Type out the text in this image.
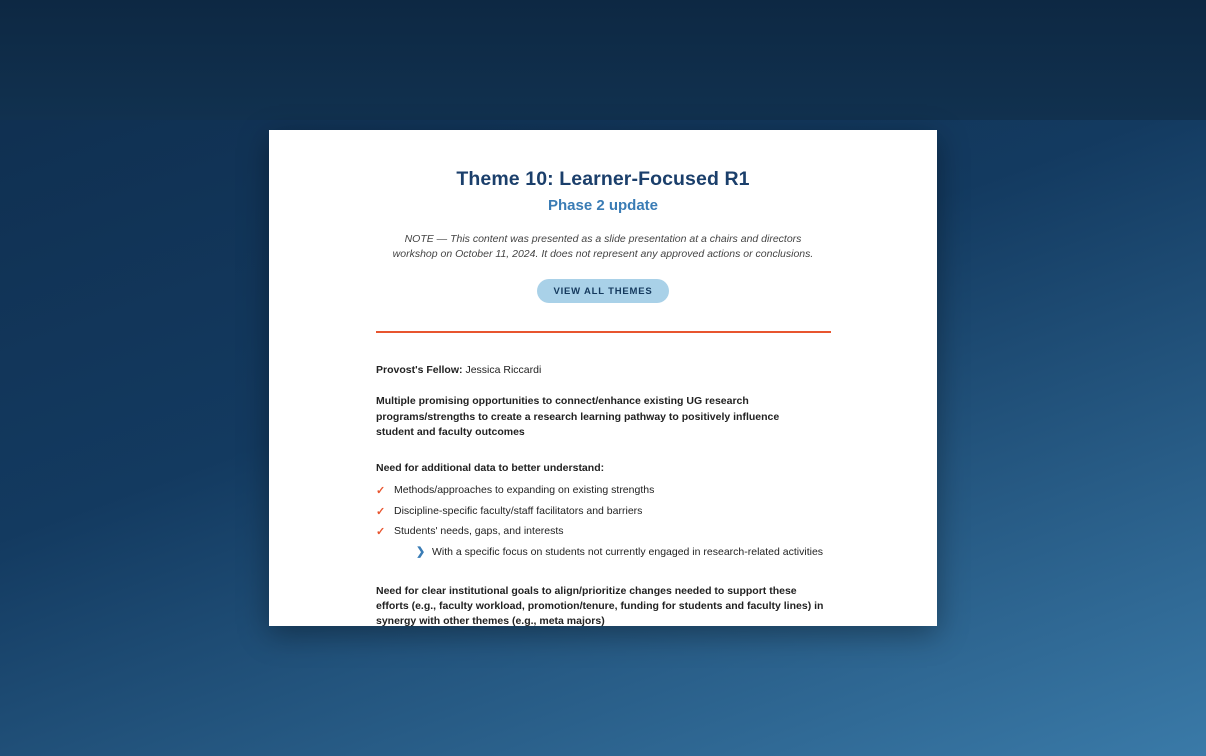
Theme 10: Learner-Focused R1
Phase 2 update

NOTE — This content was presented as a slide presentation at a chairs and directors workshop on October 11, 2024. It does not represent any approved actions or conclusions.

VIEW ALL THEMES

Provost's Fellow: Jessica Riccardi

Multiple promising opportunities to connect/enhance existing UG research programs/strengths to create a research learning pathway to positively influence student and faculty outcomes

Need for additional data to better understand:

✓ Methods/approaches to expanding on existing strengths
✓ Discipline-specific faculty/staff facilitators and barriers
✓ Students' needs, gaps, and interests
❯ With a specific focus on students not currently engaged in research-related activities

Need for clear institutional goals to align/prioritize changes needed to support these efforts (e.g., faculty workload, promotion/tenure, funding for students and faculty lines) in synergy with other themes (e.g., meta majors)
